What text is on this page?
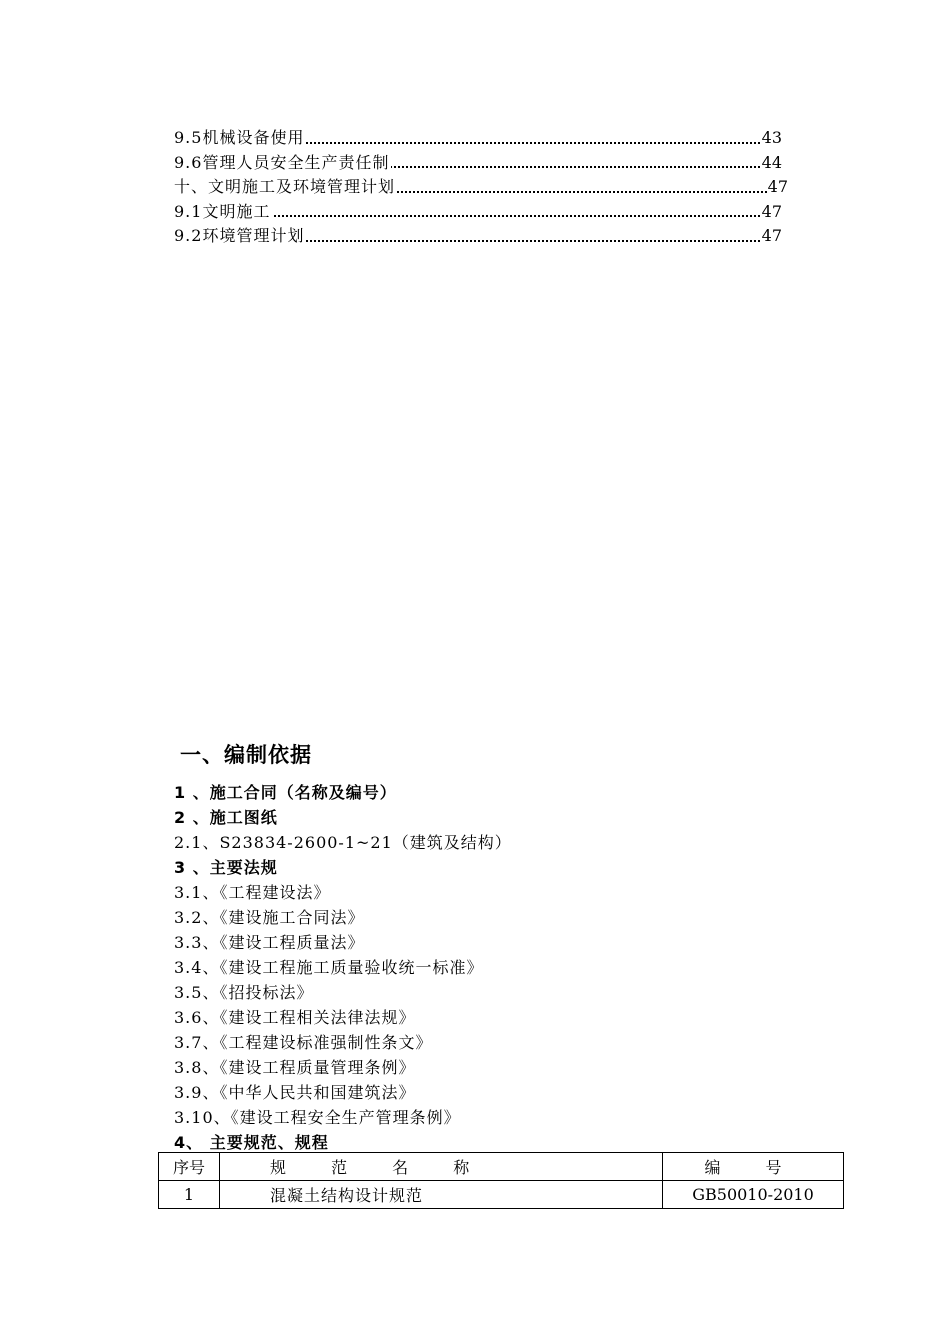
9.5机械设备使用	43
9.6管理人员安全生产责任制	44
十、文明施工及环境管理计划	47
9.1文明施工	47
9.2环境管理计划	47
一、编制依据
1 、施工合同（名称及编号）
2 、施工图纸
2.1、S23834-2600-1~21（建筑及结构）
3 、主要法规
3.1、《工程建设法》
3.2、《建设施工合同法》
3.3、《建设工程质量法》
3.4、《建设工程施工质量验收统一标准》
3.5、《招投标法》
3.6、《建设工程相关法律法规》
3.7、《工程建设标准强制性条文》
3.8、《建设工程质量管理条例》
3.9、《中华人民共和国建筑法》
3.10、《建设工程安全生产管理条例》
4、 主要规范、规程
序号	规 范 名 称	编 号
1	混凝土结构设计规范	GB50010-2010
